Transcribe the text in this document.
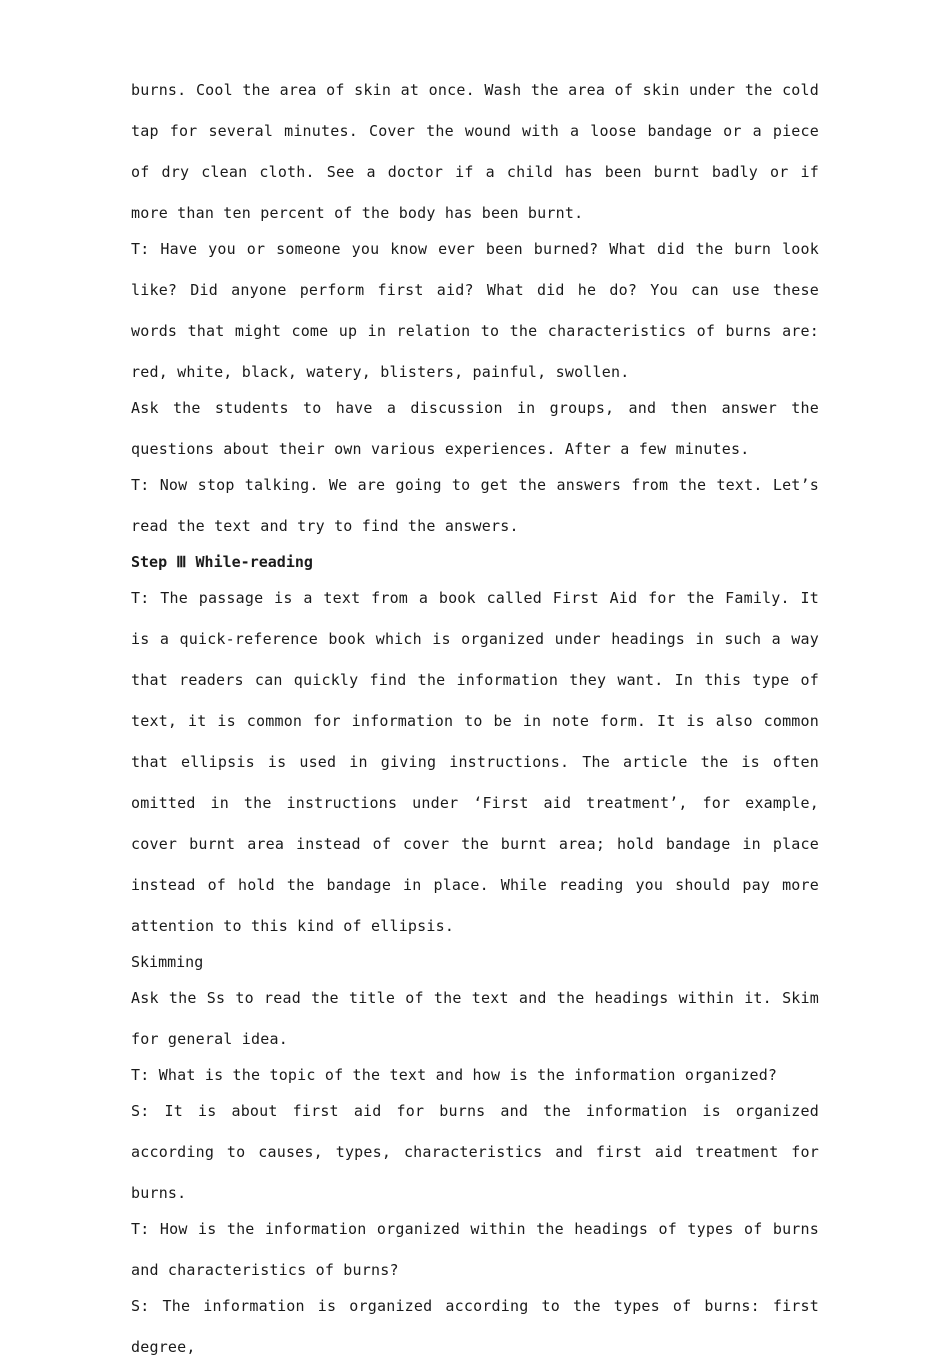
burns. Cool the area of skin at once. Wash the area of skin under the cold tap for several minutes. Cover the wound with a loose bandage or a piece of dry clean cloth. See a doctor if a child has been burnt badly or if more than ten percent of the body has been burnt.

T: Have you or someone you know ever been burned? What did the burn look like? Did anyone perform first aid? What did he do? You can use these words that might come up in relation to the characteristics of burns are: red, white, black, watery, blisters, painful, swollen.

Ask the students to have a discussion in groups, and then answer the questions about their own various experiences. After a few minutes.

T: Now stop talking. We are going to get the answers from the text. Let’s read the text and try to find the answers.

Step Ⅲ While-reading

T: The passage is a text from a book called First Aid for the Family. It is a quick-reference book which is organized under headings in such a way that readers can quickly find the information they want. In this type of text, it is common for information to be in note form. It is also common that ellipsis is used in giving instructions. The article the is often omitted in the instructions under ‘First aid treatment’, for example, cover burnt area instead of cover the burnt area; hold bandage in place instead of hold the bandage in place. While reading you should pay more attention to this kind of ellipsis.

Skimming

Ask the Ss to read the title of the text and the headings within it. Skim for general idea.

T: What is the topic of the text and how is the information organized?

S: It is about first aid for burns and the information is organized according to causes, types, characteristics and first aid treatment for burns.

T: How is the information organized within the headings of types of burns and characteristics of burns?

S: The information is organized according to the types of burns: first degree,
